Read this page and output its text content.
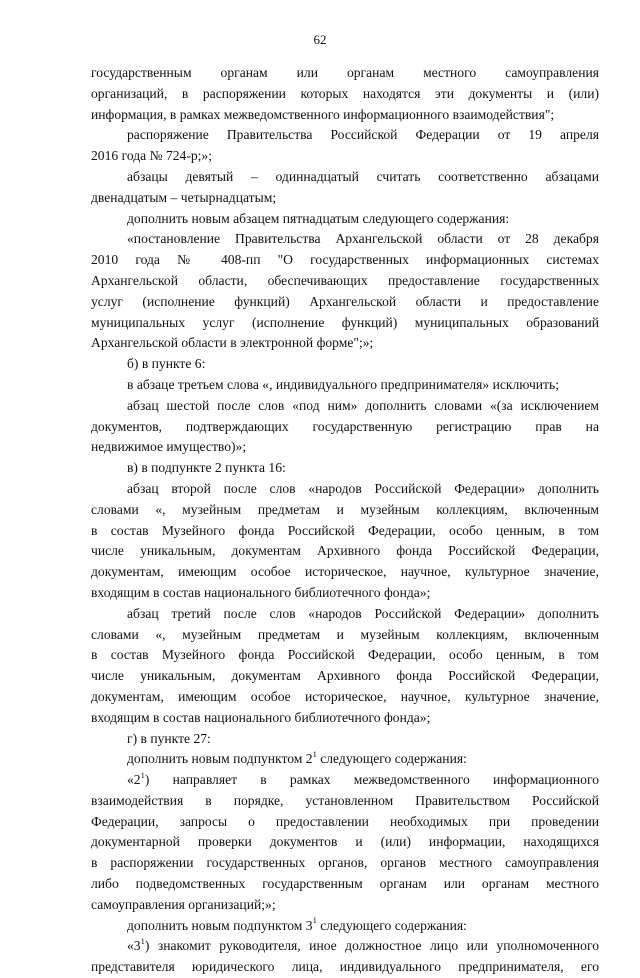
62
государственным органам или органам местного самоуправления
организаций, в распоряжении которых находятся эти документы и (или)
информация, в рамках межведомственного информационного взаимодействия";
распоряжение Правительства Российской Федерации от 19 апреля
2016 года № 724-р;»;
абзацы девятый – одиннадцатый считать соответственно абзацами
двенадцатым – четырнадцатым;
дополнить новым абзацем пятнадцатым следующего содержания:
«постановление Правительства Архангельской области от 28 декабря
2010 года № 408-пп "О государственных информационных системах
Архангельской области, обеспечивающих предоставление государственных
услуг (исполнение функций) Архангельской области и предоставление
муниципальных услуг (исполнение функций) муниципальных образований
Архангельской области в электронной форме";»;
б) в пункте 6:
в абзаце третьем слова «, индивидуального предпринимателя» исключить;
абзац шестой после слов «под ним» дополнить словами «(за исключением
документов, подтверждающих государственную регистрацию прав на
недвижимое имущество)»;
в) в подпункте 2 пункта 16:
абзац второй после слов «народов Российской Федерации» дополнить
словами «, музейным предметам и музейным коллекциям, включенным
в состав Музейного фонда Российской Федерации, особо ценным, в том
числе уникальным, документам Архивного фонда Российской Федерации,
документам, имеющим особое историческое, научное, культурное значение,
входящим в состав национального библиотечного фонда»;
абзац третий после слов «народов Российской Федерации» дополнить
словами «, музейным предметам и музейным коллекциям, включенным
в состав Музейного фонда Российской Федерации, особо ценным, в том
числе уникальным, документам Архивного фонда Российской Федерации,
документам, имеющим особое историческое, научное, культурное значение,
входящим в состав национального библиотечного фонда»;
г) в пункте 27:
дополнить новым подпунктом $2^1$ следующего содержания:
«$2^1$) направляет в рамках межведомственного информационного
взаимодействия в порядке, установленном Правительством Российской
Федерации, запросы о предоставлении необходимых при проведении
документарной проверки документов и (или) информации, находящихся
в распоряжении государственных органов, органов местного самоуправления
либо подведомственных государственным органам или органам местного
самоуправления организаций;»;
дополнить новым подпунктом $3^1$ следующего содержания:
«$3^1$) знакомит руководителя, иное должностное лицо или уполномоченного
представителя юридического лица, индивидуального предпринимателя, его
